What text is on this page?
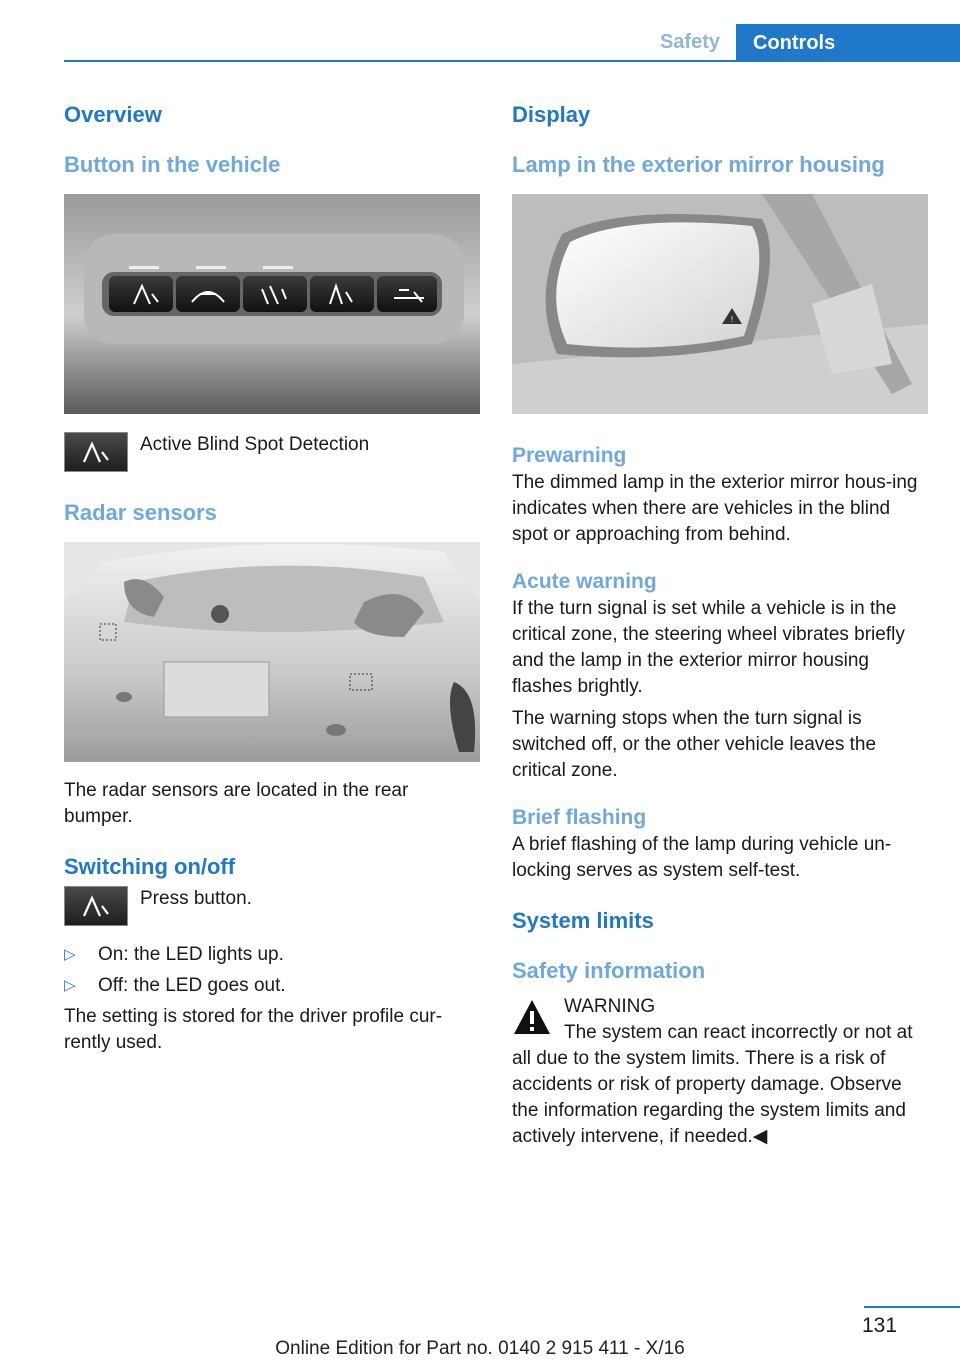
Safety	Controls
Overview
Button in the vehicle

Active Blind Spot Detection

Radar sensors

The radar sensors are located in the rear bumper.

Switching on/off

Press button.

▷	On: the LED lights up.
▷	Off: the LED goes out.

The setting is stored for the driver profile cur-rently used.

Display
Lamp in the exterior mirror housing
!
Prewarning

The dimmed lamp in the exterior mirror hous-ing indicates when there are vehicles in the blind spot or approaching from behind.

Acute warning

If the turn signal is set while a vehicle is in the critical zone, the steering wheel vibrates briefly and the lamp in the exterior mirror housing flashes brightly.

The warning stops when the turn signal is switched off, or the other vehicle leaves the critical zone.

Brief flashing

A brief flashing of the lamp during vehicle un-locking serves as system self-test.

System limits
Safety information

WARNING

The system can react incorrectly or not at all due to the system limits. There is a risk of accidents or risk of property damage. Observe the information regarding the system limits and actively intervene, if needed.◀

131
Online Edition for Part no. 0140 2 915 411 - X/16
